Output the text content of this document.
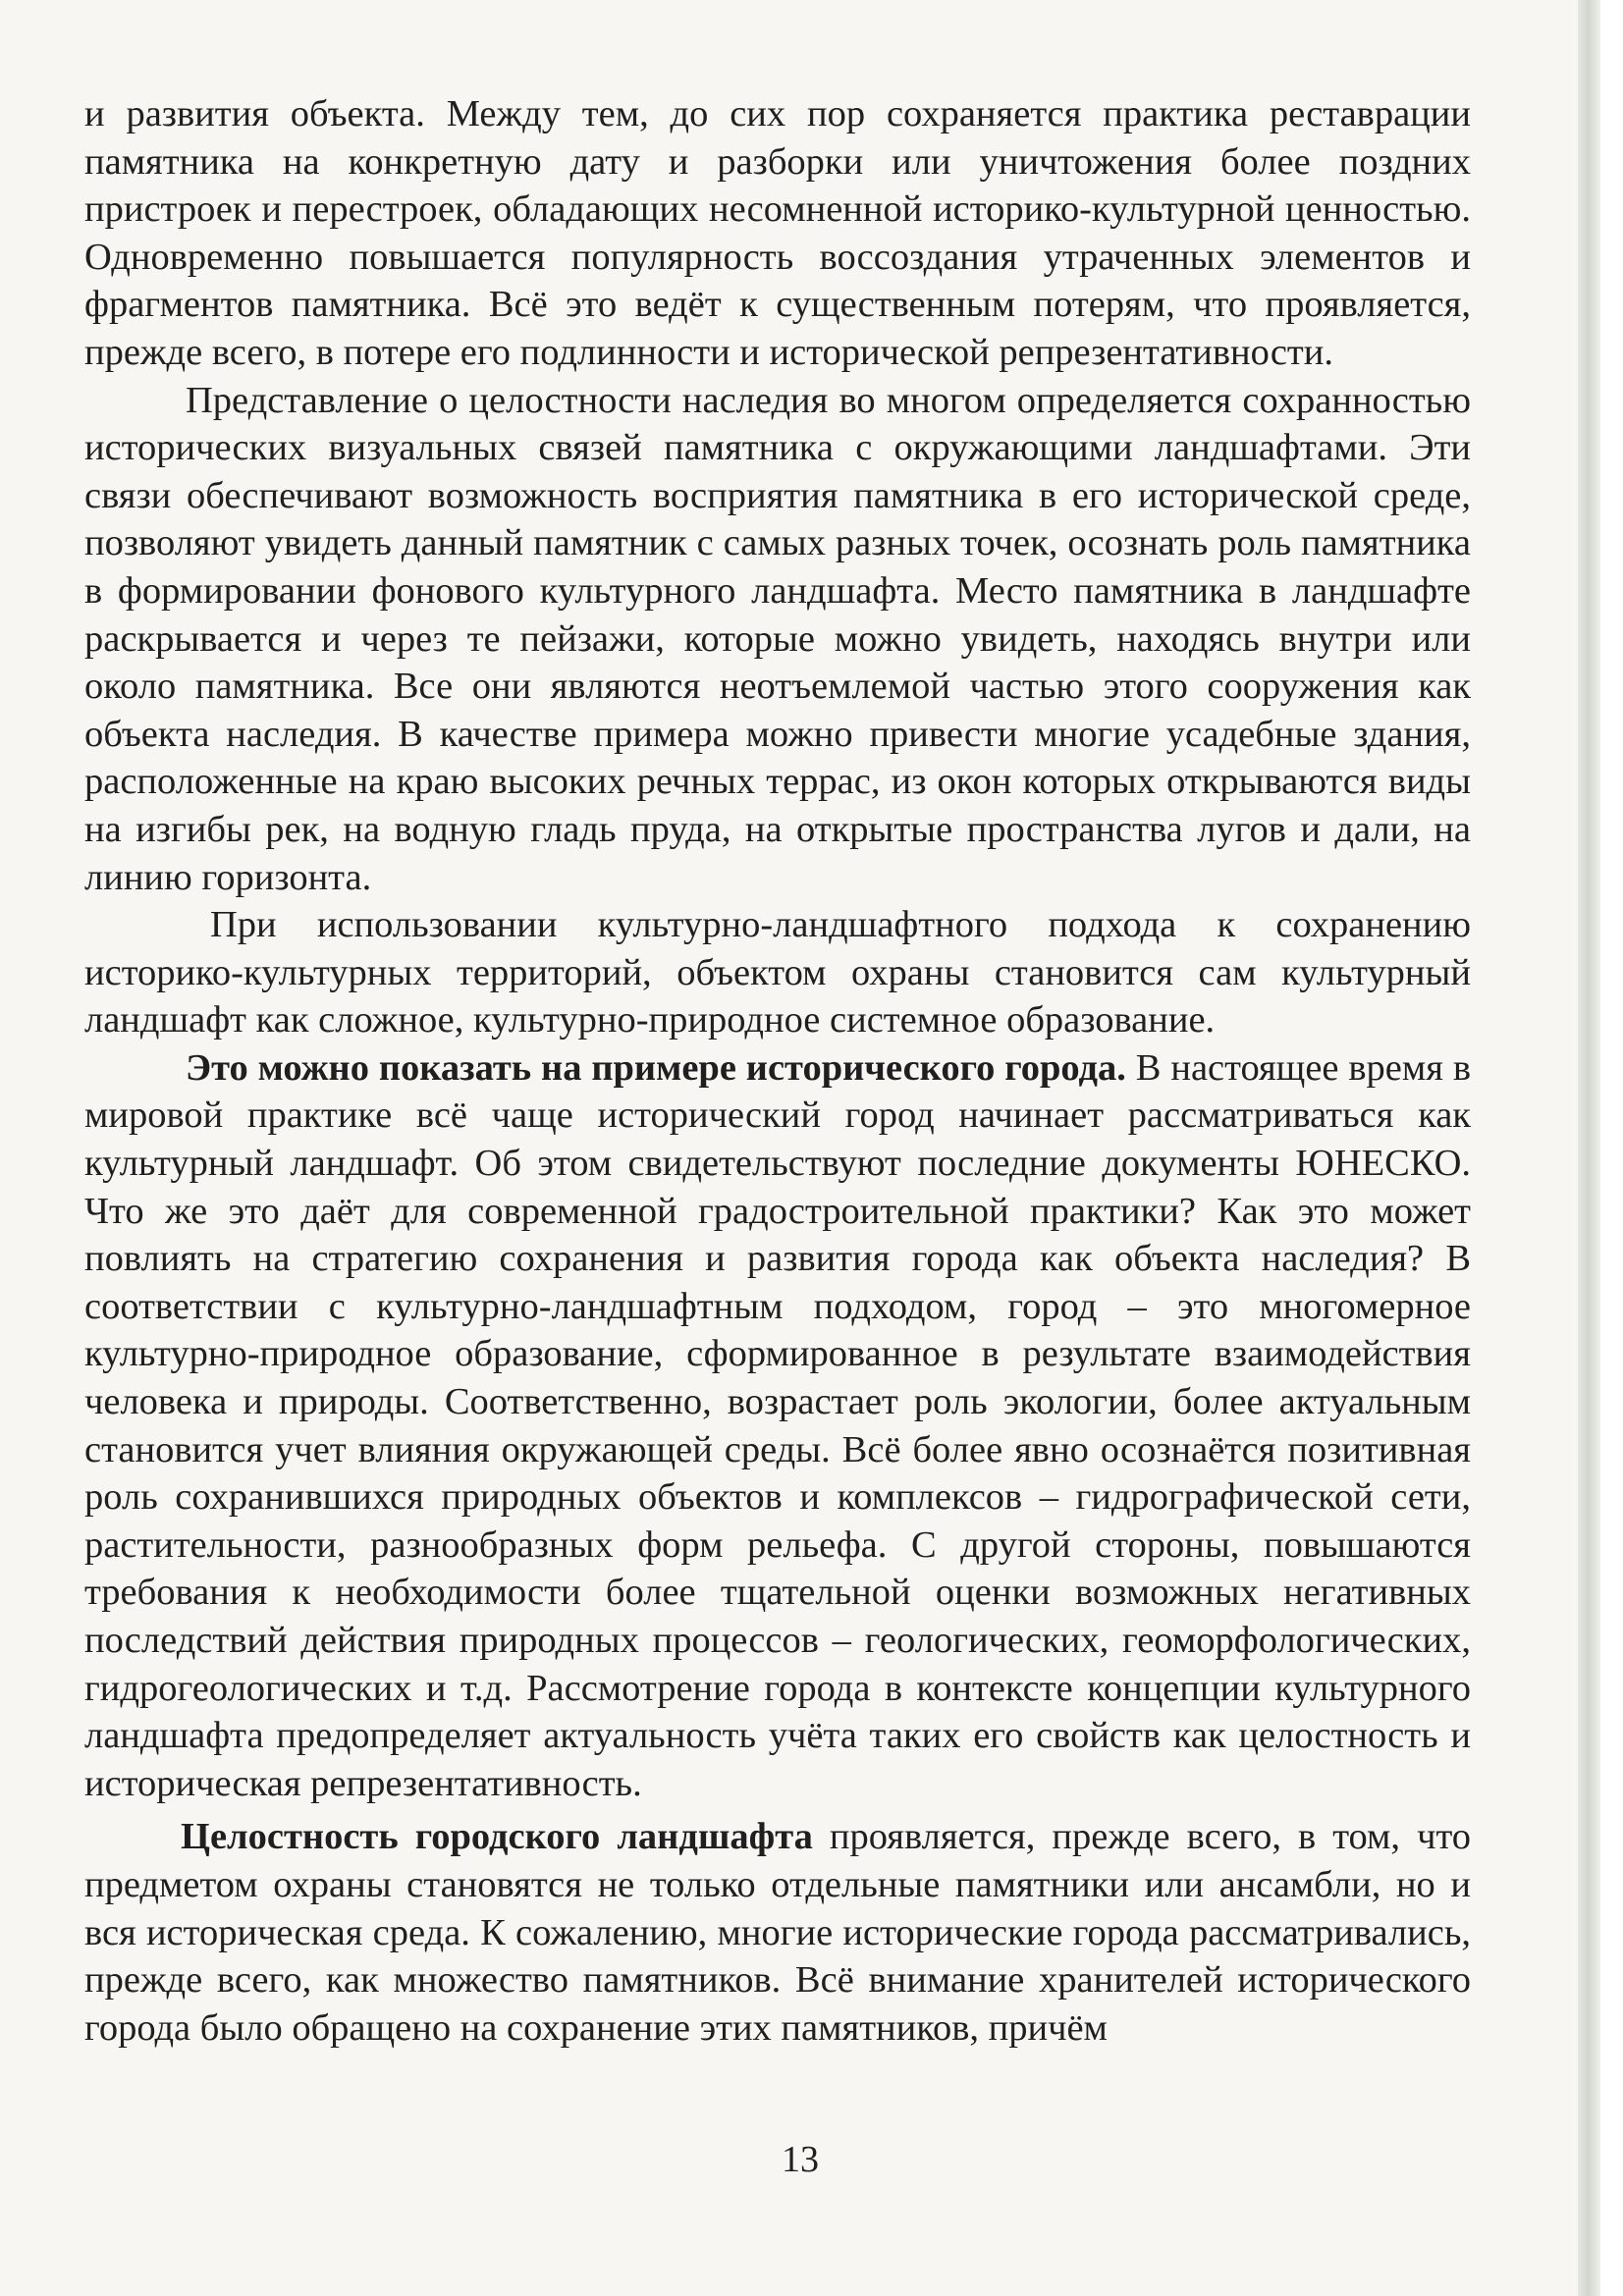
и развития объекта. Между тем, до сих пор сохраняется практика реставрации памятника на конкретную дату и разборки или уничтожения более поздних пристроек и перестроек, обладающих несомненной историко-культурной ценностью. Одновременно повышается популярность воссоздания утраченных элементов и фрагментов памятника. Всё это ведёт к существенным потерям, что проявляется, прежде всего, в потере его подлинности и исторической репрезентативности.

Представление о целостности наследия во многом определяется сохранностью исторических визуальных связей памятника с окружающими ландшафтами. Эти связи обеспечивают возможность восприятия памятника в его исторической среде, позволяют увидеть данный памятник с самых разных точек, осознать роль памятника в формировании фонового культурного ландшафта. Место памятника в ландшафте раскрывается и через те пейзажи, которые можно увидеть, находясь внутри или около памятника. Все они являются неотъемлемой частью этого сооружения как объекта наследия. В качестве примера можно привести многие усадебные здания, расположенные на краю высоких речных террас, из окон которых открываются виды на изгибы рек, на водную гладь пруда, на открытые пространства лугов и дали, на линию горизонта.

При использовании культурно-ландшафтного подхода к сохранению историко-культурных территорий, объектом охраны становится сам культурный ландшафт как сложное, культурно-природное системное образование.

Это можно показать на примере исторического города. В настоящее время в мировой практике всё чаще исторический город начинает рассматриваться как культурный ландшафт. Об этом свидетельствуют последние документы ЮНЕСКО. Что же это даёт для современной градостроительной практики? Как это может повлиять на стратегию сохранения и развития города как объекта наследия? В соответствии с культурно-ландшафтным подходом, город – это многомерное культурно-природное образование, сформированное в результате взаимодействия человека и природы. Соответственно, возрастает роль экологии, более актуальным становится учет влияния окружающей среды. Всё более явно осознаётся позитивная роль сохранившихся природных объектов и комплексов – гидрографической сети, растительности, разнообразных форм рельефа. С другой стороны, повышаются требования к необходимости более тщательной оценки возможных негативных последствий действия природных процессов – геологических, геоморфологических, гидрогеологических и т.д. Рассмотрение города в контексте концепции культурного ландшафта предопределяет актуальность учёта таких его свойств как целостность и историческая репрезентативность.

Целостность городского ландшафта проявляется, прежде всего, в том, что предметом охраны становятся не только отдельные памятники или ансамбли, но и вся историческая среда. К сожалению, многие исторические города рассматривались, прежде всего, как множество памятников. Всё внимание хранителей исторического города было обращено на сохранение этих памятников, причём

13
